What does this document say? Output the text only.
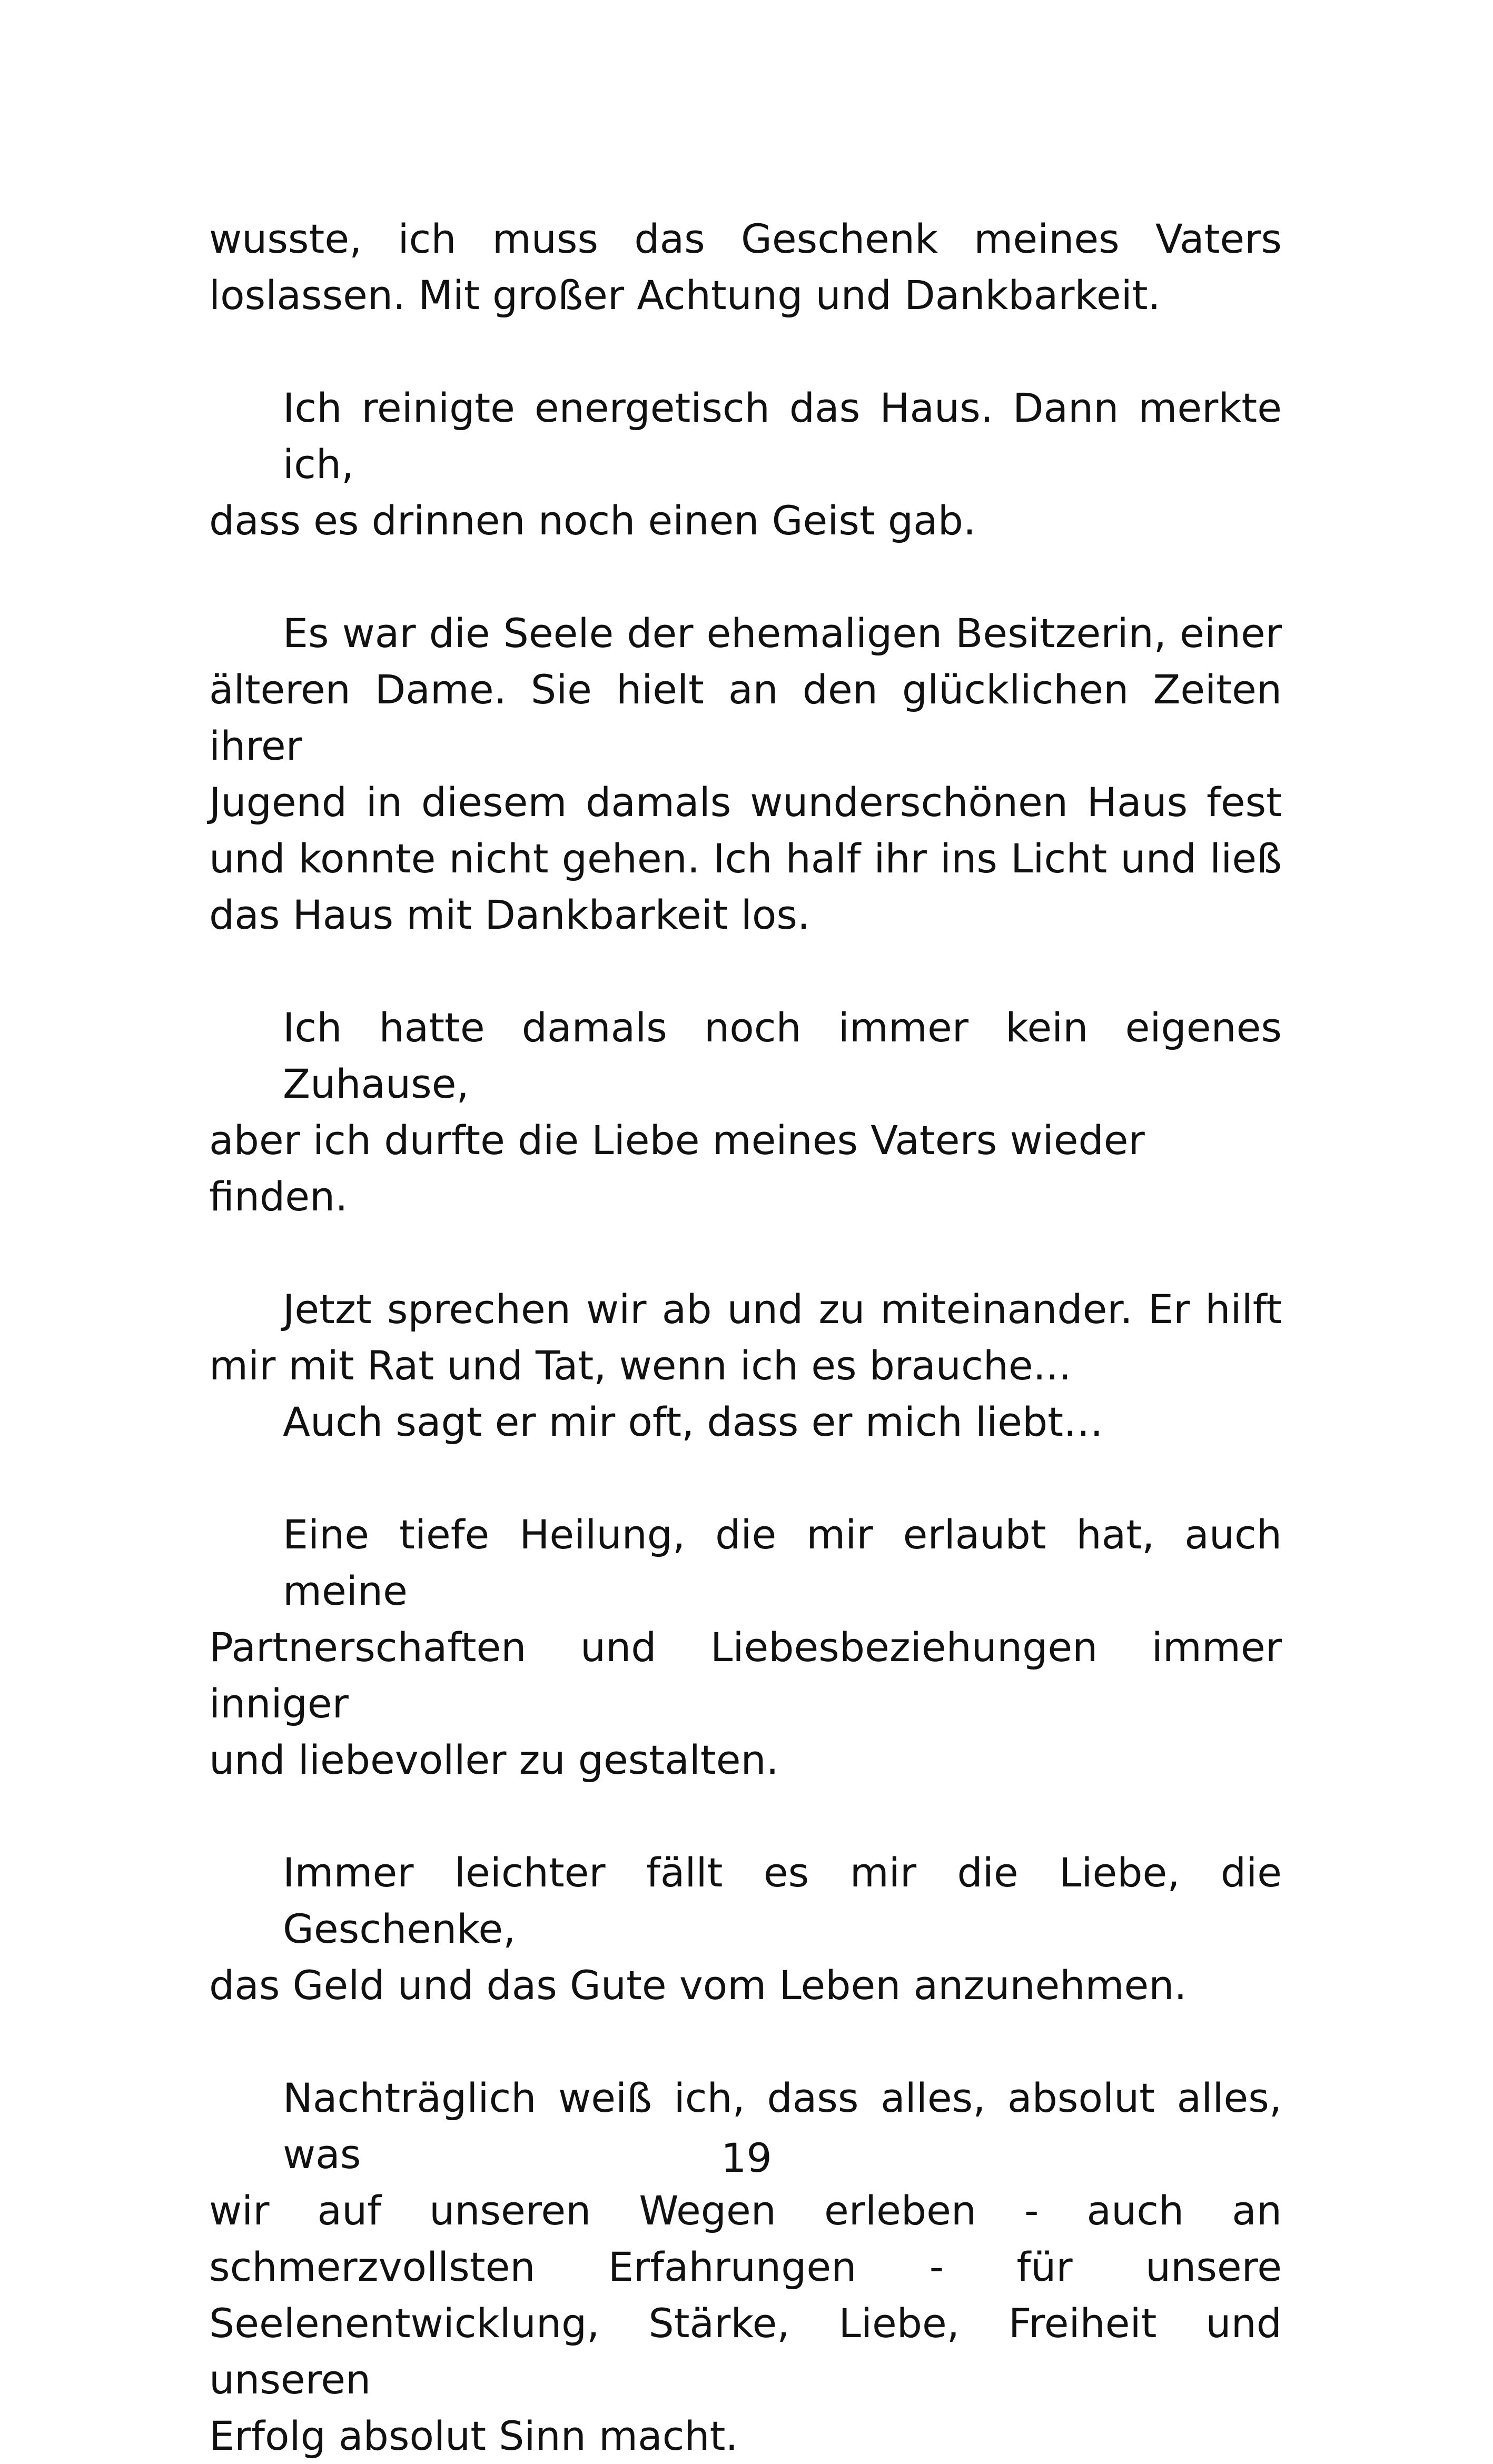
wusste, ich muss das Geschenk meines Vaters
loslassen. Mit großer Achtung und Dankbarkeit.

Ich reinigte energetisch das Haus. Dann merkte ich,
dass es drinnen noch einen Geist gab.

Es war die Seele der ehemaligen Besitzerin, einer
älteren Dame. Sie hielt an den glücklichen Zeiten ihrer
Jugend in diesem damals wunderschönen Haus fest
und konnte nicht gehen. Ich half ihr ins Licht und ließ
das Haus mit Dankbarkeit los.

Ich hatte damals noch immer kein eigenes Zuhause,
aber ich durfte die Liebe meines Vaters wieder finden.

Jetzt sprechen wir ab und zu miteinander. Er hilft
mir mit Rat und Tat, wenn ich es brauche...
Auch sagt er mir oft, dass er mich liebt…

Eine tiefe Heilung, die mir erlaubt hat, auch meine
Partnerschaften und Liebesbeziehungen immer inniger
und liebevoller zu gestalten.

Immer leichter fällt es mir die Liebe, die Geschenke,
das Geld und das Gute vom Leben anzunehmen.

Nachträglich weiß ich, dass alles, absolut alles, was
wir auf unseren Wegen erleben - auch an
schmerzvollsten Erfahrungen - für unsere
Seelenentwicklung, Stärke, Liebe, Freiheit und unseren
Erfolg absolut Sinn macht.

19
